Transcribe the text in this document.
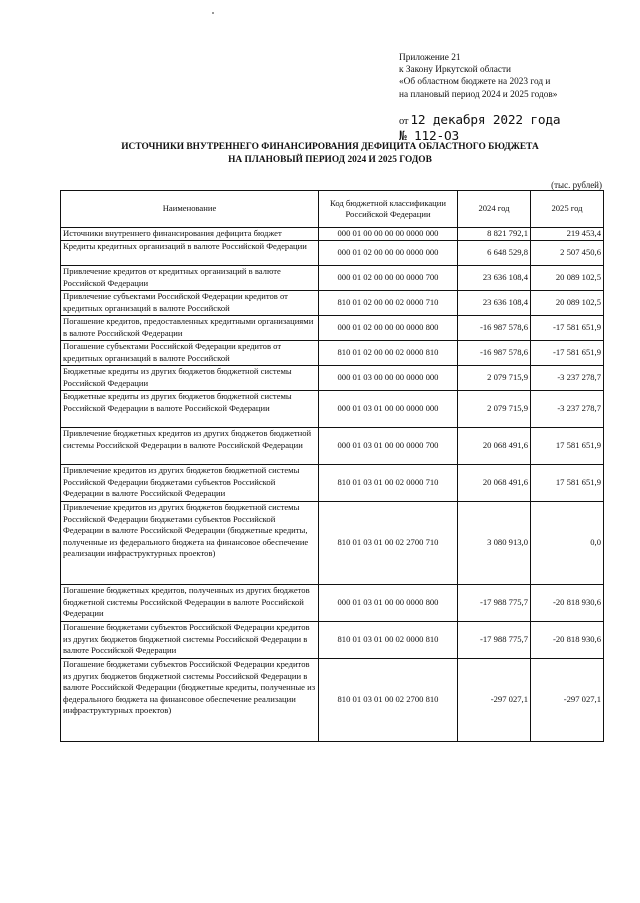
Приложение 21
к Закону Иркутской области
«Об областном бюджете на 2023 год и
на плановый период 2024 и 2025 годов»
от 12 декабря 2022 года
№ 112-ОЗ
ИСТОЧНИКИ ВНУТРЕННЕГО ФИНАНСИРОВАНИЯ ДЕФИЦИТА ОБЛАСТНОГО БЮДЖЕТА
НА ПЛАНОВЫЙ ПЕРИОД 2024 И 2025 ГОДОВ
(тыс. рублей)
Наименование	Код бюджетной классификации Российской Федерации	2024 год	2025 год
Источники внутреннего финансирования дефицита бюджет	000 01 00 00 00 00 0000 000	8 821 792,1	219 453,4
Кредиты кредитных организаций в валюте Российской Федерации	000 01 02 00 00 00 0000 000	6 648 529,8	2 507 450,6
Привлечение кредитов от кредитных организаций в валюте Российской Федерации	000 01 02 00 00 00 0000 700	23 636 108,4	20 089 102,5
Привлечение субъектами Российской Федерации кредитов от кредитных организаций в валюте Российской	810 01 02 00 00 02 0000 710	23 636 108,4	20 089 102,5
Погашение кредитов, предоставленных кредитными организациями в валюте Российской Федерации	000 01 02 00 00 00 0000 800	-16 987 578,6	-17 581 651,9
Погашение субъектами Российской Федерации кредитов от кредитных организаций в валюте Российской	810 01 02 00 00 02 0000 810	-16 987 578,6	-17 581 651,9
Бюджетные кредиты из других бюджетов бюджетной системы Российской Федерации	000 01 03 00 00 00 0000 000	2 079 715,9	-3 237 278,7
Бюджетные кредиты из других бюджетов бюджетной системы Российской Федерации в валюте Российской Федерации	000 01 03 01 00 00 0000 000	2 079 715,9	-3 237 278,7
Привлечение бюджетных кредитов из других бюджетов бюджетной системы Российской Федерации в валюте Российской Федерации	000 01 03 01 00 00 0000 700	20 068 491,6	17 581 651,9
Привлечение кредитов из других бюджетов бюджетной системы Российской Федерации бюджетами субъектов Российской Федерации в валюте Российской Федерации	810 01 03 01 00 02 0000 710	20 068 491,6	17 581 651,9
Привлечение кредитов из других бюджетов бюджетной системы Российской Федерации бюджетами субъектов Российской Федерации в валюте Российской Федерации (бюджетные кредиты, полученные из федерального бюджета на финансовое обеспечение реализации инфраструктурных проектов)	810 01 03 01 00 02 2700 710	3 080 913,0	0,0
Погашение бюджетных кредитов, полученных из других бюджетов бюджетной системы Российской Федерации в валюте Российской Федерации	000 01 03 01 00 00 0000 800	-17 988 775,7	-20 818 930,6
Погашение бюджетами субъектов Российской Федерации кредитов из других бюджетов бюджетной системы Российской Федерации в валюте Российской Федерации	810 01 03 01 00 02 0000 810	-17 988 775,7	-20 818 930,6
Погашение бюджетами субъектов Российской Федерации кредитов из других бюджетов бюджетной системы Российской Федерации в валюте Российской Федерации (бюджетные кредиты, полученные из федерального бюджета на финансовое обеспечение реализации инфраструктурных проектов)	810 01 03 01 00 02 2700 810	-297 027,1	-297 027,1
